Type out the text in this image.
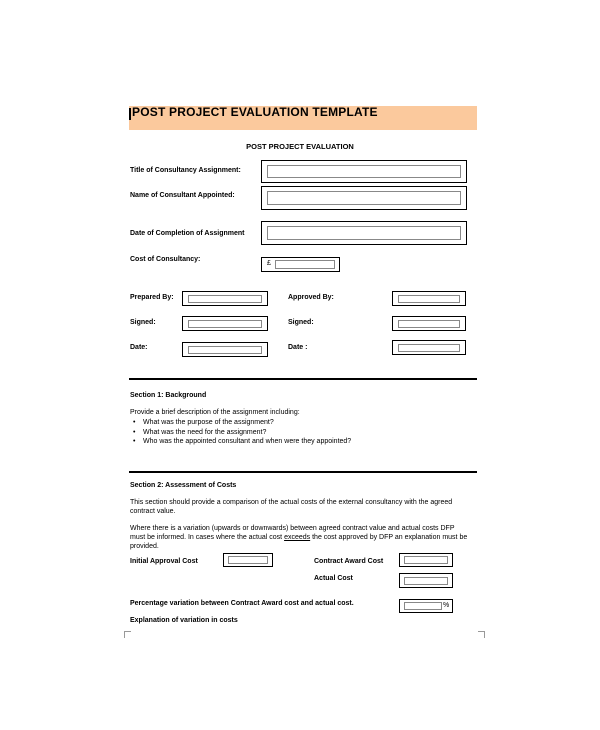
POST PROJECT EVALUATION TEMPLATE
POST PROJECT EVALUATION
Title of Consultancy Assignment:
Name of Consultant Appointed:
Date of Completion of Assignment
Cost of Consultancy:
£
Prepared By:	Approved By:
Signed:	Signed:
Date:	Date :
Section 1: Background
Provide a brief description of the assignment including:
• What was the purpose of the assignment?
• What was the need for the assignment?
• Who was the appointed consultant and when were they appointed?
Section 2: Assessment of Costs
This section should provide a comparison of the actual costs of the external consultancy with the agreed
contract value.
Where there is a variation (upwards or downwards) between agreed contract value and actual costs DFP
must be informed. In cases where the actual cost exceeds the cost approved by DFP an explanation must be
provided.
Initial Approval Cost	Contract Award Cost
Actual Cost
Percentage variation between Contract Award cost and actual cost.	%
Explanation of variation in costs
